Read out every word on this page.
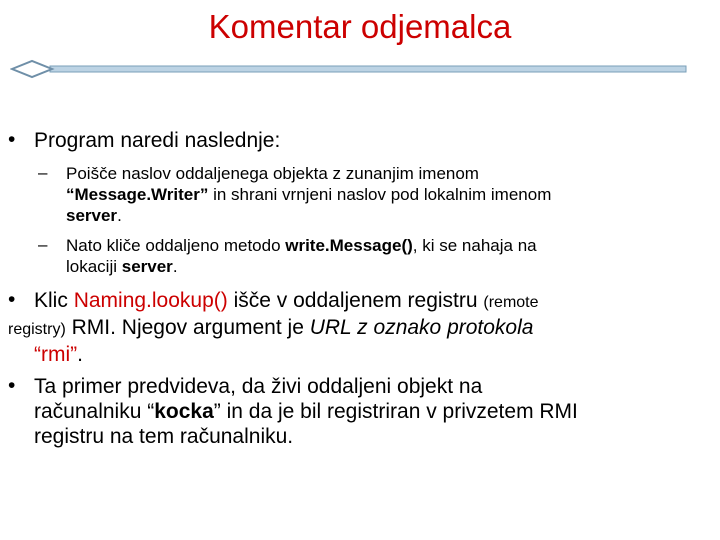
Komentar odjemalca
• Program naredi naslednje:
–	Poišče naslov oddaljenega objekta z zunanjim imenom
“Message.Writer” in shrani vrnjeni naslov pod lokalnim imenom
server.
–	Nato kliče oddaljeno metodo write.Message(), ki se nahaja na
lokaciji server.
• Klic Naming.lookup() išče v oddaljenem registru (remote
registry) RMI. Njegov argument je URL z oznako protokola
“rmi”.
• Ta primer predvideva, da živi oddaljeni objekt na
računalniku “kocka” in da je bil registriran v privzetem RMI
registru na tem računalniku.
